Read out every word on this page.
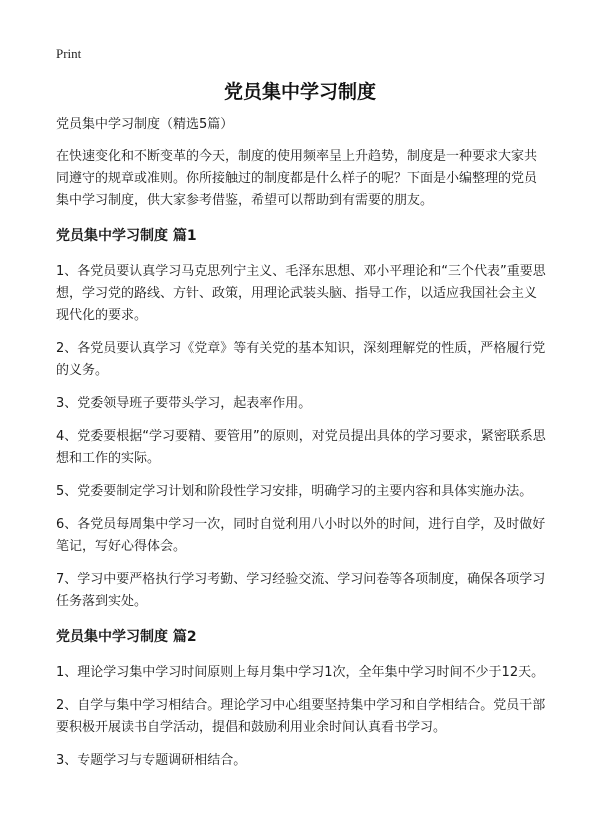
Print
党员集中学习制度

党员集中学习制度（精选5篇）

在快速变化和不断变革的今天，制度的使用频率呈上升趋势，制度是一种要求大家共同遵守的规章或准则。你所接触过的制度都是什么样子的呢？下面是小编整理的党员集中学习制度，供大家参考借鉴，希望可以帮助到有需要的朋友。

党员集中学习制度 篇1

1、各党员要认真学习马克思列宁主义、毛泽东思想、邓小平理论和“三个代表”重要思想，学习党的路线、方针、政策，用理论武装头脑、指导工作，以适应我国社会主义现代化的要求。

2、各党员要认真学习《党章》等有关党的基本知识，深刻理解党的性质，严格履行党的义务。

3、党委领导班子要带头学习，起表率作用。

4、党委要根据“学习要精、要管用”的原则，对党员提出具体的学习要求，紧密联系思想和工作的实际。

5、党委要制定学习计划和阶段性学习安排，明确学习的主要内容和具体实施办法。

6、各党员每周集中学习一次，同时自觉利用八小时以外的时间，进行自学，及时做好笔记，写好心得体会。

7、学习中要严格执行学习考勤、学习经验交流、学习问卷等各项制度，确保各项学习任务落到实处。

党员集中学习制度 篇2

1、理论学习集中学习时间原则上每月集中学习1次，全年集中学习时间不少于12天。

2、自学与集中学习相结合。理论学习中心组要坚持集中学习和自学相结合。党员干部要积极开展读书自学活动，提倡和鼓励利用业余时间认真看书学习。

3、专题学习与专题调研相结合。
